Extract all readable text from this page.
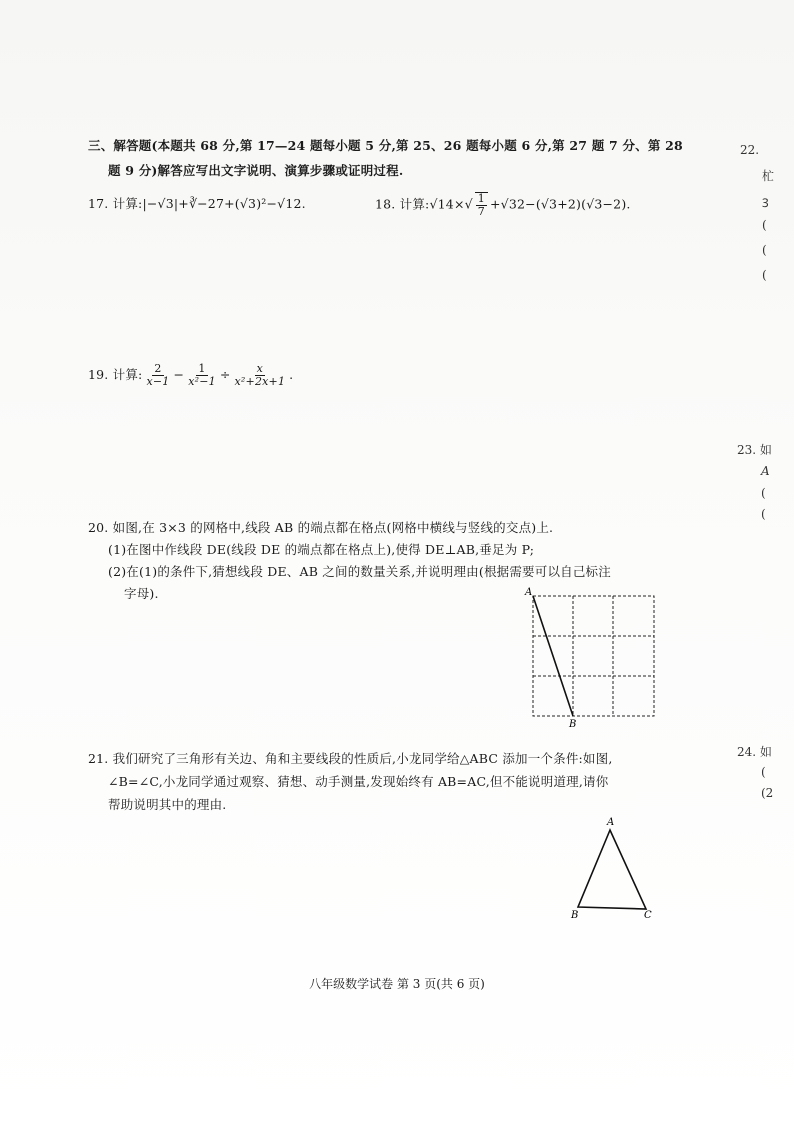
三、解答题(本题共 68 分,第 17—24 题每小题 5 分,第 25、26 题每小题 6 分,第 27 题 7 分、第 28
题 9 分)解答应写出文字说明、演算步骤或证明过程.
17. 计算:|−√3|+∛−27+(√3)²−√12.	18. 计算:√14×√ $\frac{1}{7} +√32-(√3+2)(√3-2)$.
19. 计算: $\frac{2}{x-1} - \frac{1}{\text{x²−1}} \div \frac{x}{\text{x²+2x+1}}$ .
20. 如图,在 3×3 的网格中,线段 AB 的端点都在格点(网格中横线与竖线的交点)上.
(1)在图中作线段 DE(线段 DE 的端点都在格点上),使得 DE⊥AB,垂足为 P;
(2)在(1)的条件下,猜想线段 DE、AB 之间的数量关系,并说明理由(根据需要可以自己标注
字母).	A
B
21. 我们研究了三角形有关边、角和主要线段的性质后,小龙同学给△ABC 添加一个条件:如图,
∠B=∠C,小龙同学通过观察、猜想、动手测量,发现始终有 AB=AC,但不能说明道理,请你
帮助说明其中的理由.
A
B	C
22.
杧
Ꝫ
(
(
(
23. 如
A
(
(
24. 如
(
(2
八年级数学试卷 第 3 页(共 6 页)
